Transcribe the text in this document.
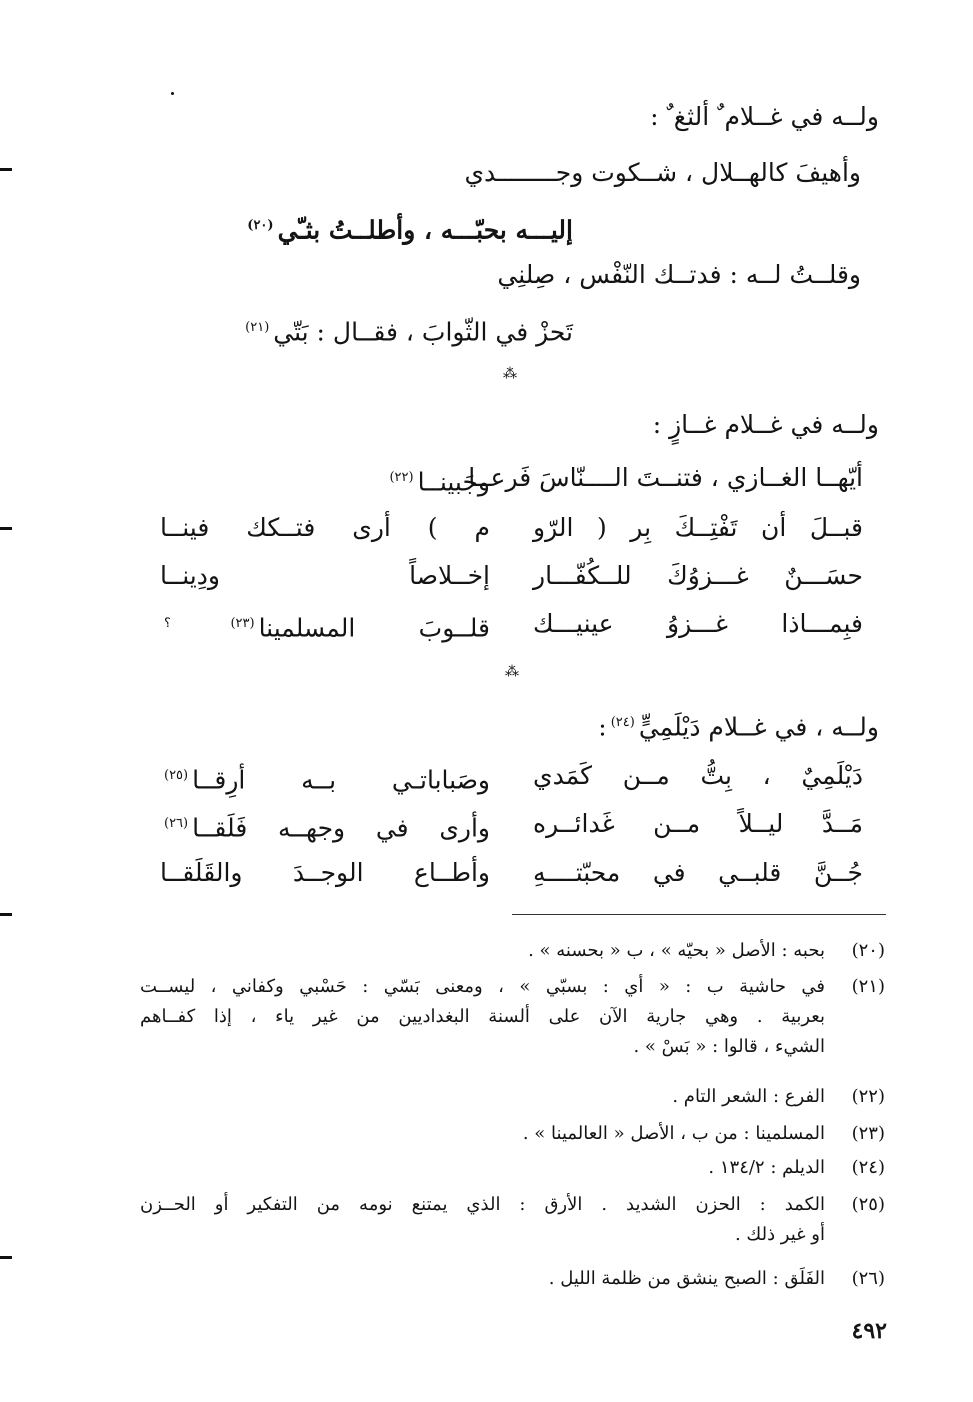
ولــه في غــلام ٌ ألثغ ٌ :
وأهيفَ كالهــلال ، شــكوت وجــــــــدي
إليـــه بحبّـــه ، وأطلــتُ بثـّي$^{(٢٠)}$
وقلــتُ لــه : فدتــك النّفْس ، صِلنِي
تَحزْ في الثّوابَ ، فقــال : بَتّي$^{(٢١)}$
⁂
ولــه في غــلام غــازٍ :
أيّهــا الغــازي ، فتنــتَ الــــنّاسَ فَرعــا
وجَبينــا$^{(٢٢)}$
قبــلَ أن تَفْتِــكَ بِر ( الرّو
م ) أرى فتــكك فينــا
حسَـــنٌ غـــزوُكَ للــكُفّـــار
إخــلاصاً ودِينــا
فبِمـــاذا غـــزوُ عينيـــك
قلــوبَ المسلمينا$^{(٢٣) ؟}$
⁂
ولــه ، في غــلام دَيْلَمِيٍّ$^{(٢٤)}$:
دَيْلَمِيٌ ، بِتُّ مــن كَمَدي
وصَباباتـي بــه أرِقــا$^{(٢٥)}$
مَــدَّ ليــلاً مــن غَدائــره
وأرى في وجهــه فَلَقــا$^{(٢٦)}$
جُــنَّ قلبــي في محبّتــــهِ
وأطــاع الوجــدَ والقَلَقــا
(٢٠)
بحبه : الأصل « بحيّه » ، ب « بحسنه » .
(٢١)
في حاشية ب : « أي : بسبّي » ، ومعنى بَسّي : حَسْبي وكفاني ، ليســت
بعربية . وهي جارية الآن على ألسنة البغداديين من غير ياء ، إذا كفــاهم
الشيء ، قالوا : « بَسْ » .
(٢٢)
الفرع : الشعر التام .
(٢٣)
المسلمينا : من ب ، الأصل « العالمينا » .
(٢٤)
الديلم : ١٣٤/٢ .
(٢٥)
الكمد : الحزن الشديد . الأرق : الذي يمتنع نومه من التفكير أو الحــزن
أو غير ذلك .
(٢٦)
الفَلَق : الصبح ينشق من ظلمة الليل .
٤٩٢
